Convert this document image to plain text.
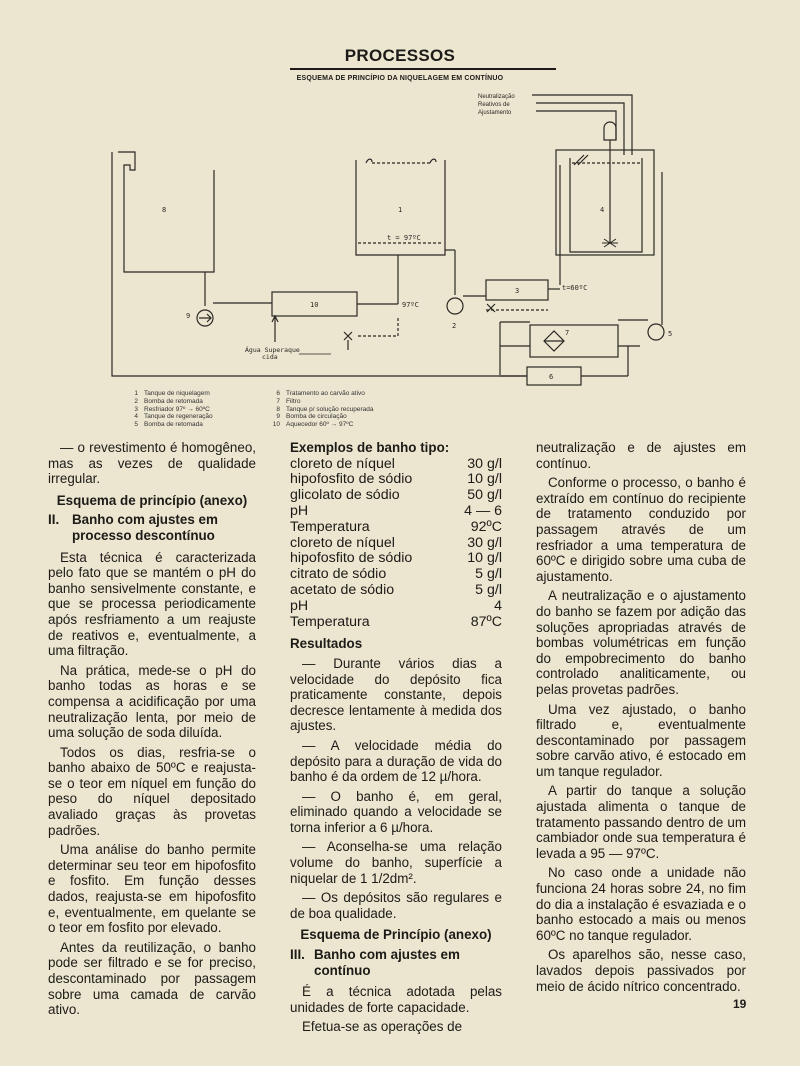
PROCESSOS
ESQUEMA DE PRINCÍPIO DA NIQUELAGEM EM CONTÍNUO
8
9
10	97ºC
Água Superaque
cida
1
t = 97ºC
2
3	t=60ºC
Neutralização
Reativos de
Ajustamento
4
5
7
6
1 Tanque de niquelagem
2 Bomba de retomada
3 Resfriador 97º → 60ºC
4 Tanque de regeneração
5 Bomba de retomada
6 Tratamento ao carvão ativo
7 Filtro
8 Tanque p/ solução recuperada
9 Bomba de circulação
10 Aquecedor 60º → 97ºC

— o revestimento é homogêneo, mas as vezes de qualidade irregular.

Esquema de princípio (anexo)
II. Banho com ajustes em processo descontínuo

Esta técnica é caracterizada pelo fato que se mantém o pH do banho sensivelmente constante, e que se processa periodicamente após resfriamento a um reajuste de reativos e, eventualmente, a uma filtração.

Na prática, mede-se o pH do banho todas as horas e se compensa a acidificação por uma neutralização lenta, por meio de uma solução de soda diluída.

Todos os dias, resfria-se o banho abaixo de 50ºC e reajusta-se o teor em níquel em função do peso do níquel depositado avaliado graças às provetas padrões.

Uma análise do banho permite determinar seu teor em hipofosfito e fosfito. Em função desses dados, reajusta-se em hipofosfito e, eventualmente, em quelante se o teor em fosfito por elevado.

Antes da reutilização, o banho pode ser filtrado e se for preciso, descontaminado por passagem sobre uma camada de carvão ativo.

Exemplos de banho tipo:
cloreto de níquel	30 g/l
hipofosfito de sódio	10 g/l
glicolato de sódio	50 g/l
pH	4 — 6
Temperatura	92ºC
cloreto de níquel	30 g/l
hipofosfito de sódio	10 g/l
citrato de sódio	5 g/l
acetato de sódio	5 g/l
pH	4
Temperatura	87ºC
Resultados

— Durante vários dias a velocidade do depósito fica praticamente constante, depois decresce lentamente à medida dos ajustes.

— A velocidade média do depósito para a duração de vida do banho é da ordem de 12 µ/hora.

— O banho é, em geral, eliminado quando a velocidade se torna inferior a 6 µ/hora.

— Aconselha-se uma relação volume do banho, superfície a niquelar de 1 1/2dm².

— Os depósitos são regulares e de boa qualidade.

Esquema de Princípio (anexo)
III. Banho com ajustes em contínuo

É a técnica adotada pelas unidades de forte capacidade.

Efetua-se as operações de

neutralização e de ajustes em contínuo.

Conforme o processo, o banho é extraído em contínuo do recipiente de tratamento conduzido por passagem através de um resfriador a uma temperatura de 60ºC e dirigido sobre uma cuba de ajustamento.

A neutralização e o ajustamento do banho se fazem por adição das soluções apropriadas através de bombas volumétricas em função do empobrecimento do banho controlado analiticamente, ou pelas provetas padrões.

Uma vez ajustado, o banho filtrado e, eventualmente descontaminado por passagem sobre carvão ativo, é estocado em um tanque regulador.

A partir do tanque a solução ajustada alimenta o tanque de tratamento passando dentro de um cambiador onde sua temperatura é levada a 95 — 97ºC.

No caso onde a unidade não funciona 24 horas sobre 24, no fim do dia a instalação é esvaziada e o banho estocado a mais ou menos 60ºC no tanque regulador.

Os aparelhos são, nesse caso, lavados depois passivados por meio de ácido nítrico concentrado.

19
